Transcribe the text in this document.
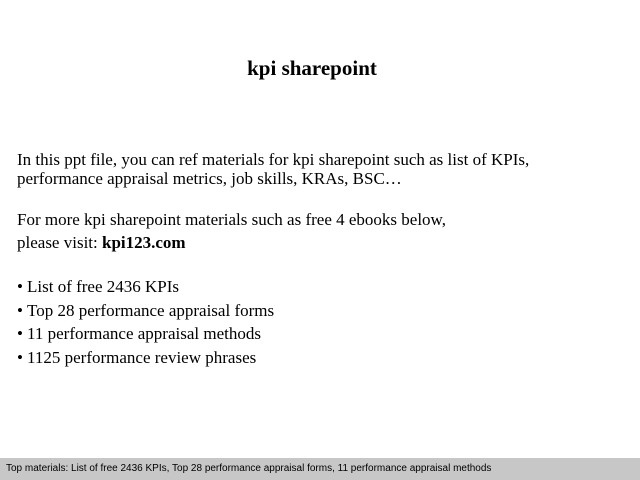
kpi sharepoint

In this ppt file, you can ref materials for kpi sharepoint such as list of KPIs,
performance appraisal metrics, job skills, KRAs, BSC…

For more kpi sharepoint materials such as free 4 ebooks below,
please visit: kpi123.com

• List of free 2436 KPIs
• Top 28 performance appraisal forms
• 11 performance appraisal methods
• 1125 performance review phrases
Top materials: List of free 2436 KPIs, Top 28 performance appraisal forms, 11 performance appraisal methods
